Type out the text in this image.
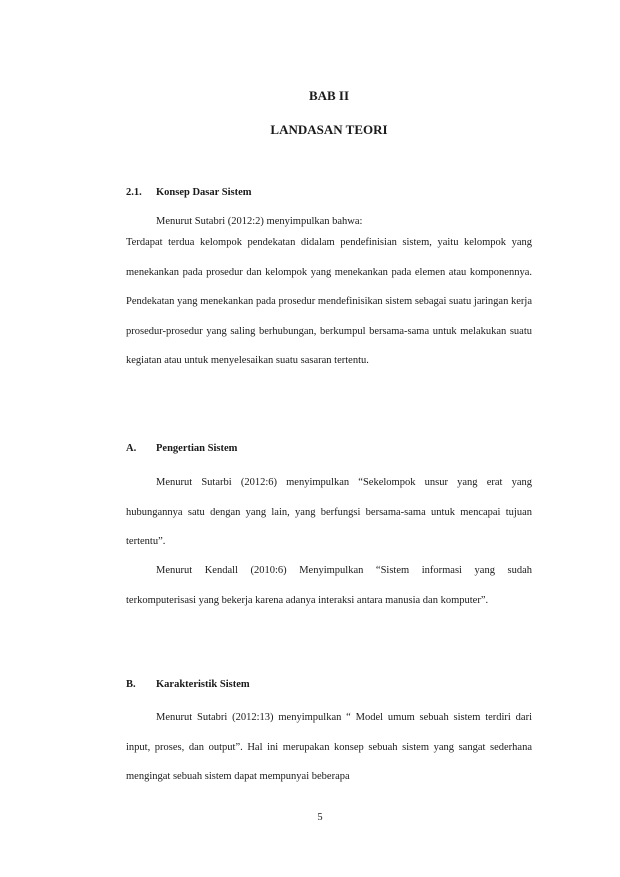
BAB II
LANDASAN TEORI
2.1. Konsep Dasar Sistem
Menurut Sutabri (2012:2) menyimpulkan bahwa:
Terdapat terdua kelompok pendekatan didalam pendefinisian sistem, yaitu kelompok yang menekankan pada prosedur dan kelompok yang menekankan pada elemen atau komponennya. Pendekatan yang menekankan pada prosedur mendefinisikan sistem sebagai suatu jaringan kerja prosedur-prosedur yang saling berhubungan, berkumpul bersama-sama untuk melakukan suatu kegiatan atau untuk menyelesaikan suatu sasaran tertentu.
A. Pengertian Sistem
Menurut Sutarbi (2012:6) menyimpulkan “Sekelompok unsur yang erat yang hubungannya satu dengan yang lain, yang berfungsi bersama-sama untuk mencapai tujuan tertentu”.
Menurut Kendall (2010:6) Menyimpulkan “Sistem informasi yang sudah terkomputerisasi yang bekerja karena adanya interaksi antara manusia dan komputer”.
B. Karakteristik Sistem
Menurut Sutabri (2012:13) menyimpulkan “ Model umum sebuah sistem terdiri dari input, proses, dan output”. Hal ini merupakan konsep sebuah sistem yang sangat sederhana mengingat sebuah sistem dapat mempunyai beberapa
5
